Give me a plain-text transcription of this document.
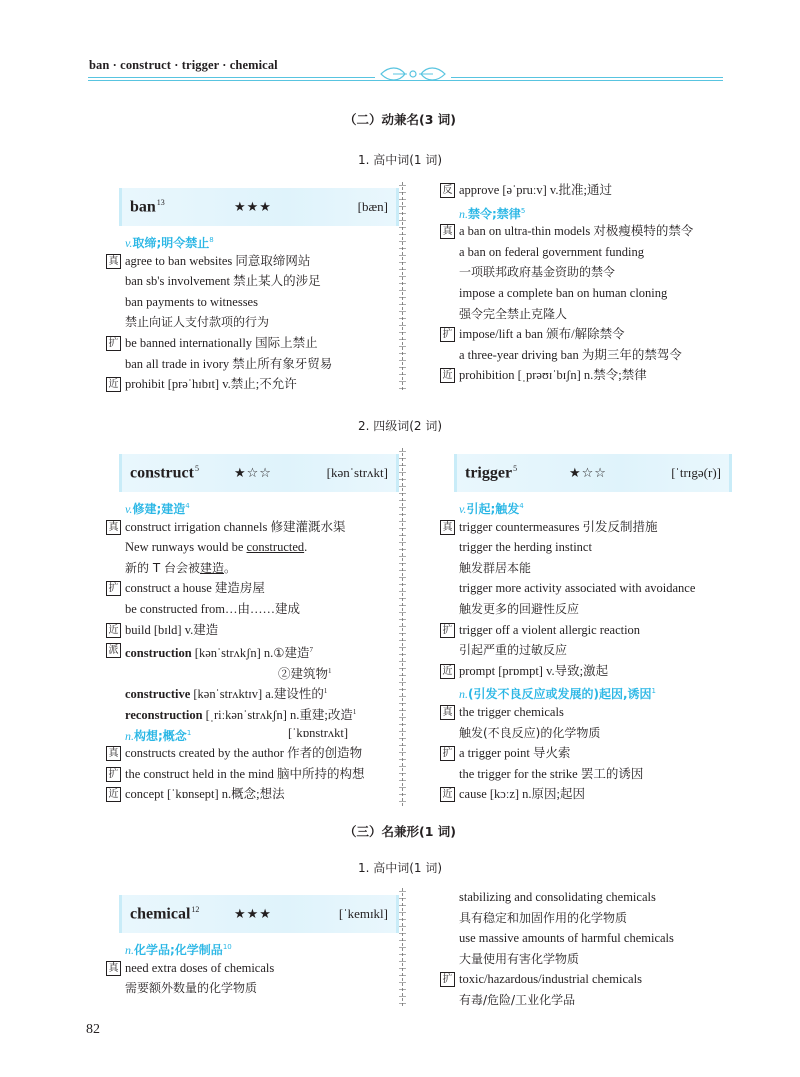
ban · construct · trigger · chemical
（二）动兼名(3 词)
1. 高中词(1 词)
ban$^{13}$	★★★	[bæn]
v.取缔;明令禁止$^8$
真 agree to ban websites 同意取缔网站
ban sb's involvement 禁止某人的涉足
ban payments to witnesses
禁止向证人支付款项的行为
扩 be banned internationally 国际上禁止
ban all trade in ivory 禁止所有象牙贸易
近 prohibit [prəˈhɪbɪt] v.禁止;不允许
反 approve [əˈpruːv] v.批准;通过
n.禁令;禁律$^5$
真 a ban on ultra-thin models 对极瘦模特的禁令
a ban on federal government funding
一项联邦政府基金资助的禁令
impose a complete ban on human cloning
强令完全禁止克隆人
扩 impose/lift a ban 颁布/解除禁令
a three-year driving ban 为期三年的禁驾令
近 prohibition [ˌprəʊɪˈbɪʃn] n.禁令;禁律
2. 四级词(2 词)
construct$^5$	★☆☆	[kənˈstrʌkt]
v.修建;建造$^4$
真 construct irrigation channels 修建灌溉水渠
New runways would be constructed.
新的 T 台会被建造。
扩 construct a house 建造房屋
be constructed from…由……建成
近 build [bɪld] v.建造
派 construction [kənˈstrʌkʃn] n.①建造$^7$
②建筑物$^1$
constructive [kənˈstrʌktɪv] a.建设性的$^1$
reconstruction [ˌriːkənˈstrʌkʃn] n.重建;改造$^1$
n.构想;概念$^1$	[ˈkɒnstrʌkt]
真 constructs created by the author 作者的创造物
扩 the construct held in the mind 脑中所持的构想
近 concept [ˈkɒnsept] n.概念;想法
trigger$^5$	★☆☆	[ˈtrɪgə(r)]
v.引起;触发$^4$
真 trigger countermeasures 引发反制措施
trigger the herding instinct
触发群居本能
trigger more activity associated with avoidance
触发更多的回避性反应
扩 trigger off a violent allergic reaction
引起严重的过敏反应
近 prompt [prɒmpt] v.导致;激起
n.(引发不良反应或发展的)起因,诱因$^1$
真 the trigger chemicals
触发(不良反应)的化学物质
扩 a trigger point 导火索
the trigger for the strike 罢工的诱因
近 cause [kɔːz] n.原因;起因
（三）名兼形(1 词)
1. 高中词(1 词)
chemical$^{12}$	★★★	[ˈkemɪkl]
n.化学品;化学制品$^{10}$
真 need extra doses of chemicals
需要额外数量的化学物质
stabilizing and consolidating chemicals
具有稳定和加固作用的化学物质
use massive amounts of harmful chemicals
大量使用有害化学物质
扩 toxic/hazardous/industrial chemicals
有毒/危险/工业化学品
82
